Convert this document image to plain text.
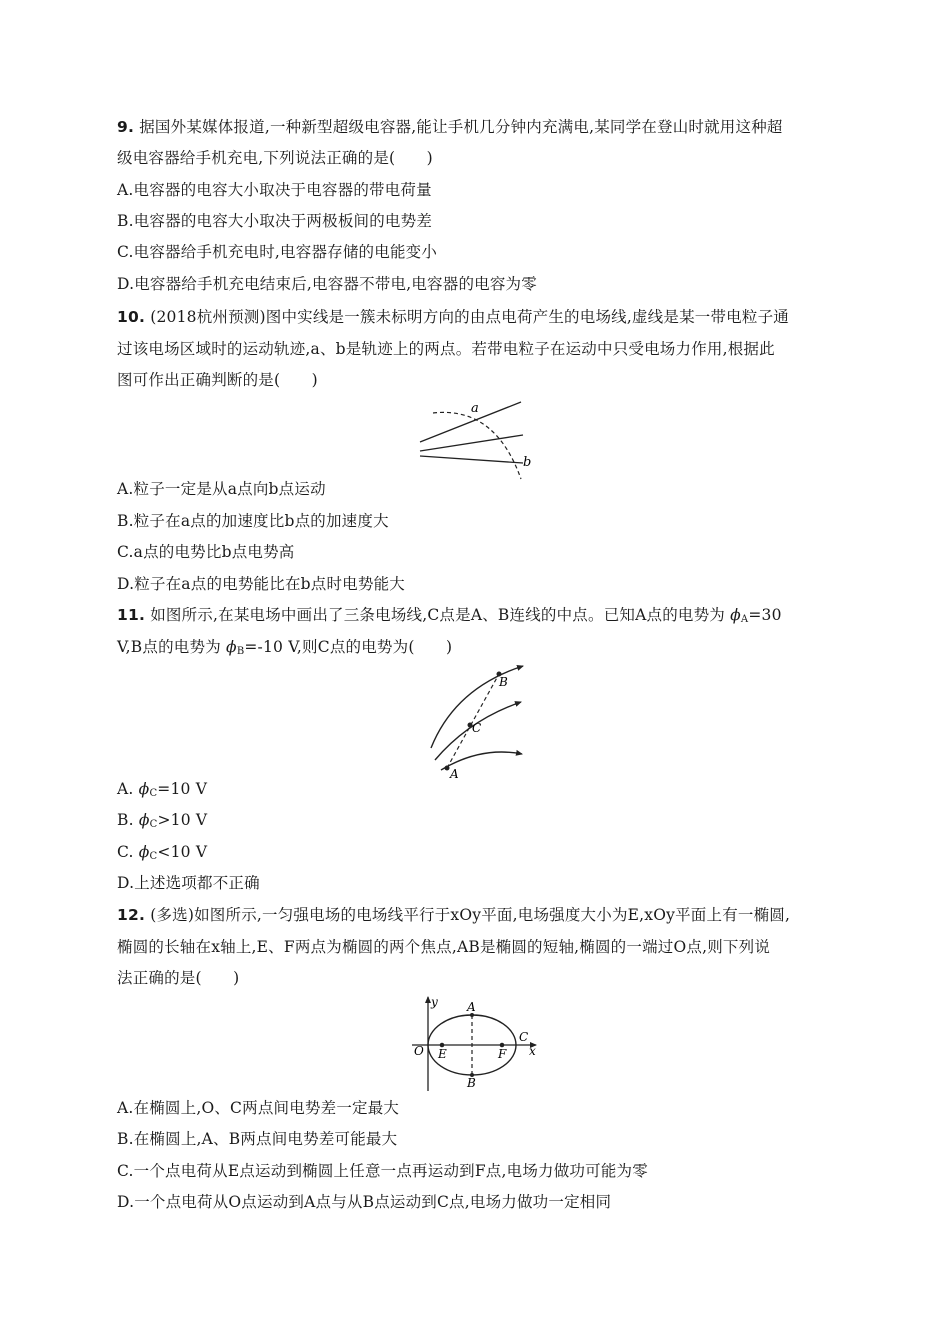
9. 据国外某媒体报道,一种新型超级电容器,能让手机几分钟内充满电,某同学在登山时就用这种超
级电容器给手机充电,下列说法正确的是(　　)
A.电容器的电容大小取决于电容器的带电荷量
B.电容器的电容大小取决于两极板间的电势差
C.电容器给手机充电时,电容器存储的电能变小
D.电容器给手机充电结束后,电容器不带电,电容器的电容为零
10. (2018杭州预测)图中实线是一簇未标明方向的由点电荷产生的电场线,虚线是某一带电粒子通
过该电场区域时的运动轨迹,a、b是轨迹上的两点。若带电粒子在运动中只受电场力作用,根据此
图可作出正确判断的是(　　)
a
b
A.粒子一定是从a点向b点运动
B.粒子在a点的加速度比b点的加速度大
C.a点的电势比b点电势高
D.粒子在a点的电势能比在b点时电势能大
11. 如图所示,在某电场中画出了三条电场线,C点是A、B连线的中点。已知A点的电势为 $\phi_A=30$
V,B点的电势为 $\phi_B=-10$ V,则C点的电势为(　　)
A
B
C
A. $\phi_C=10$ V
B. $\phi_C>10$ V
C. $\phi_C<10$ V
D.上述选项都不正确
12. (多选)如图所示,一匀强电场的电场线平行于xOy平面,电场强度大小为E,xOy平面上有一椭圆,
椭圆的长轴在x轴上,E、F两点为椭圆的两个焦点,AB是椭圆的短轴,椭圆的一端过O点,则下列说
法正确的是(　　)
y
x
O E	F
A
B
C
A.在椭圆上,O、C两点间电势差一定最大
B.在椭圆上,A、B两点间电势差可能最大
C.一个点电荷从E点运动到椭圆上任意一点再运动到F点,电场力做功可能为零
D.一个点电荷从O点运动到A点与从B点运动到C点,电场力做功一定相同
